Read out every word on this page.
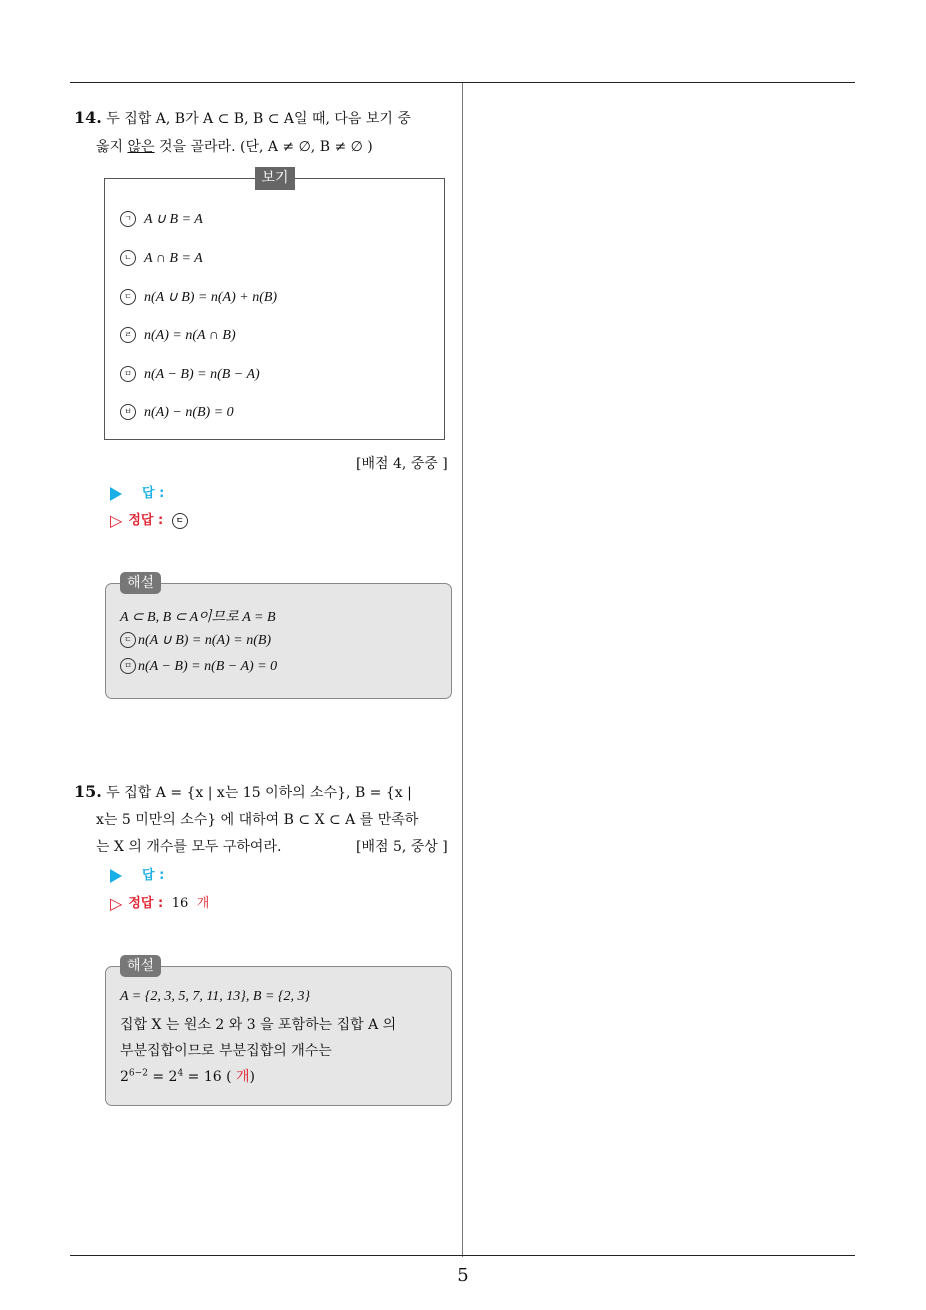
5
14. 두 집합 A, B가 A ⊂ B, B ⊂ A일 때, 다음 보기 중
옳지 않은 것을 골라라. (단, A ≠ ∅, B ≠ ∅ )
보기
ㄱ A ∪ B = A
ㄴ A ∩ B = A
ㄷ n(A ∪ B) = n(A) + n(B)
ㄹ n(A) = n(A ∩ B)
ㅁ n(A − B) = n(B − A)
ㅂ n(A) − n(B) = 0
[배점 4, 중중 ]
답 :
▷ 정답 : ㄷ
해설
A ⊂ B, B ⊂ A이므로 A = B
ㄷ n(A ∪ B) = n(A) = n(B)
ㅁ n(A − B) = n(B − A) = 0
15. 두 집합 A = {x | x는 15 이하의 소수}, B = {x |
x는 5 미만의 소수} 에 대하여 B ⊂ X ⊂ A 를 만족하
는 X 의 개수를 모두 구하여라.	[배점 5, 중상 ]
답 :
▷ 정답 : 16 개
해설
A = {2, 3, 5, 7, 11, 13}, B = {2, 3}
집합 X 는 원소 2 와 3 을 포함하는 집합 A 의
부분집합이므로 부분집합의 개수는
$2^{6-2} = 2^4 = 16$ ( 개)
